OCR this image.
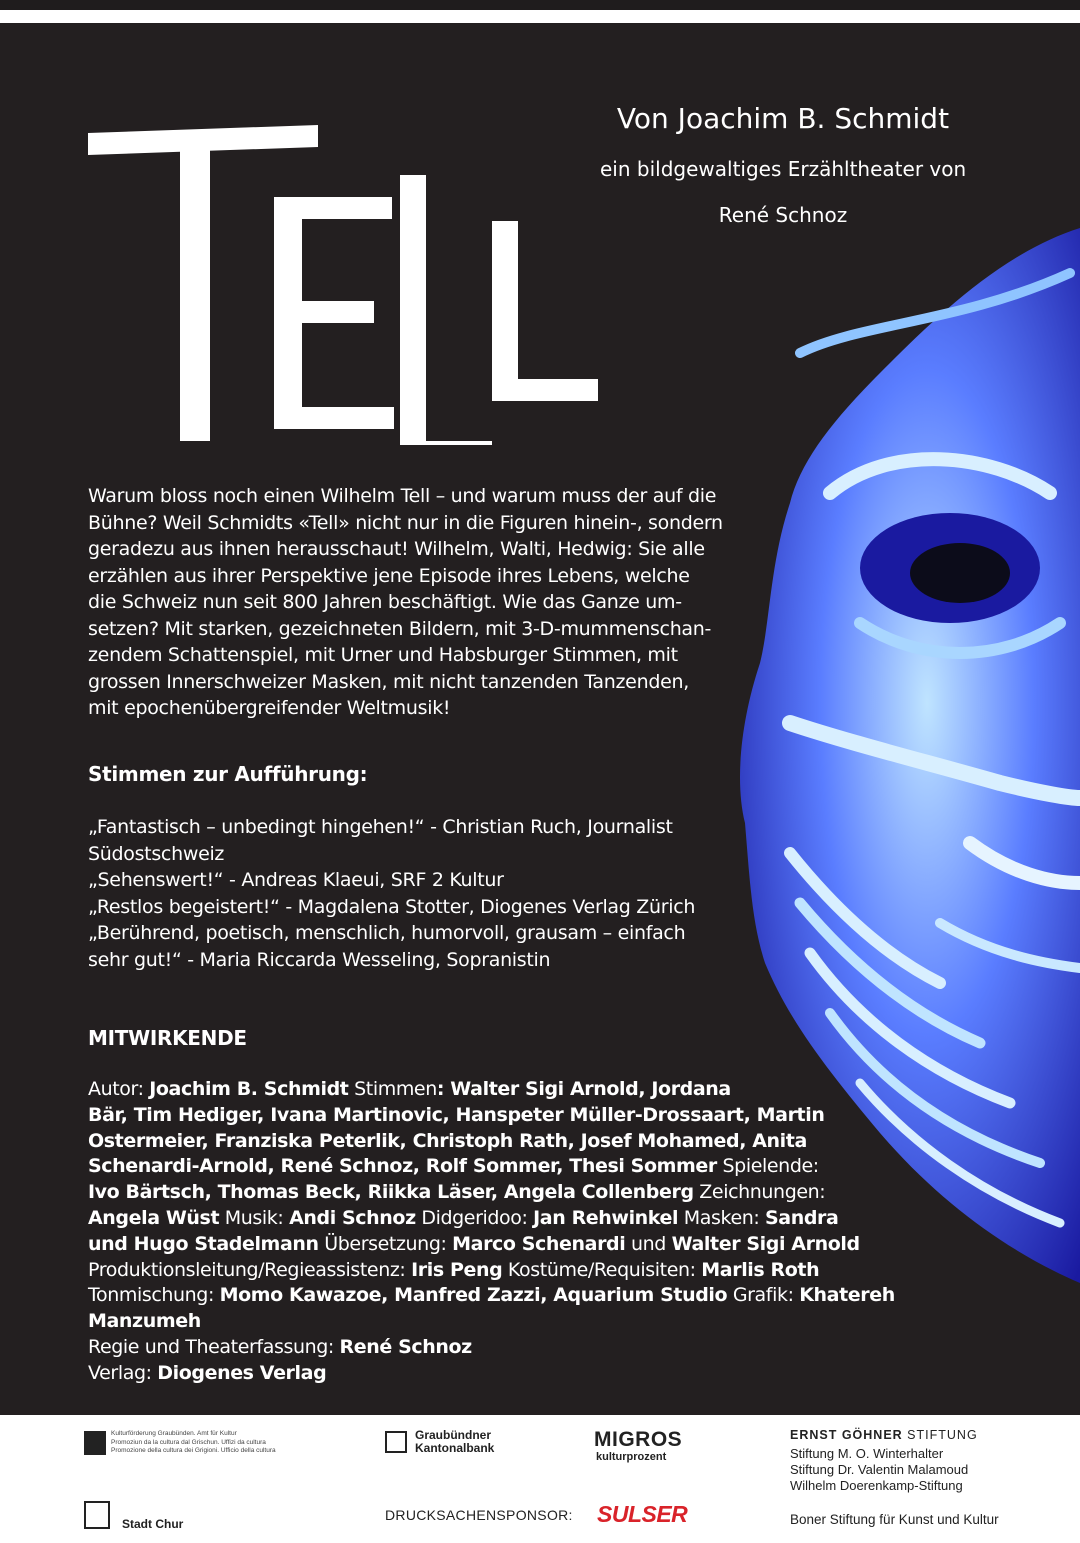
TELL	Von Joachim B. Schmidt
ein bildgewaltiges Erzähltheater von
René Schnoz
Warum bloss noch einen Wilhelm Tell – und warum muss der auf die
Bühne? Weil Schmidts «Tell» nicht nur in die Figuren hinein-, sondern
geradezu aus ihnen herausschaut! Wilhelm, Walti, Hedwig: Sie alle
erzählen aus ihrer Perspektive jene Episode ihres Lebens, welche
die Schweiz nun seit 800 Jahren beschäftigt. Wie das Ganze um-
setzen? Mit starken, gezeichneten Bildern, mit 3-D-mummenschan-
zendem Schattenspiel, mit Urner und Habsburger Stimmen, mit
grossen Innerschweizer Masken, mit nicht tanzenden Tanzenden,
mit epochenübergreifender Weltmusik!
Stimmen zur Aufführung:
„Fantastisch – unbedingt hingehen!“ - Christian Ruch, Journalist
Südostschweiz
„Sehenswert!“ - Andreas Klaeui, SRF 2 Kultur
„Restlos begeistert!“ - Magdalena Stotter, Diogenes Verlag Zürich
„Berührend, poetisch, menschlich, humorvoll, grausam – einfach
sehr gut!“ - Maria Riccarda Wesseling, Sopranistin
MITWIRKENDE
Autor: Joachim B. Schmidt Stimmen: Walter Sigi Arnold, Jordana
Bär, Tim Hediger, Ivana Martinovic, Hanspeter Müller-Drossaart, Martin
Ostermeier, Franziska Peterlik, Christoph Rath, Josef Mohamed, Anita
Schenardi-Arnold, René Schnoz, Rolf Sommer, Thesi Sommer Spielende:
Ivo Bärtsch, Thomas Beck, Riikka Läser, Angela Collenberg Zeichnungen:
Angela Wüst Musik: Andi Schnoz Didgeridoo: Jan Rehwinkel Masken: Sandra
und Hugo Stadelmann Übersetzung: Marco Schenardi und Walter Sigi Arnold
Produktionsleitung/Regieassistenz: Iris Peng Kostüme/Requisiten: Marlis Roth
Tonmischung: Momo Kawazoe, Manfred Zazzi, Aquarium Studio Grafik: Khatereh Manzumeh
Regie und Theaterfassung: René Schnoz
Verlag: Diogenes Verlag
Kulturförderung Graubünden. Amt für Kultur
Promoziun da la cultura dal Grischun. Uffizi da cultura
Promozione della cultura dei Grigioni. Ufficio della cultura
Graubündner
Kantonalbank	MIGROS
kulturprozent
ERNST GÖHNER STIFTUNG
Stiftung M. O. Winterhalter
Stiftung Dr. Valentin Malamoud
Wilhelm Doerenkamp-Stiftung
Stadt Chur
DRUCKSACHENSPONSOR: SULSER	Boner Stiftung für Kunst und Kultur
